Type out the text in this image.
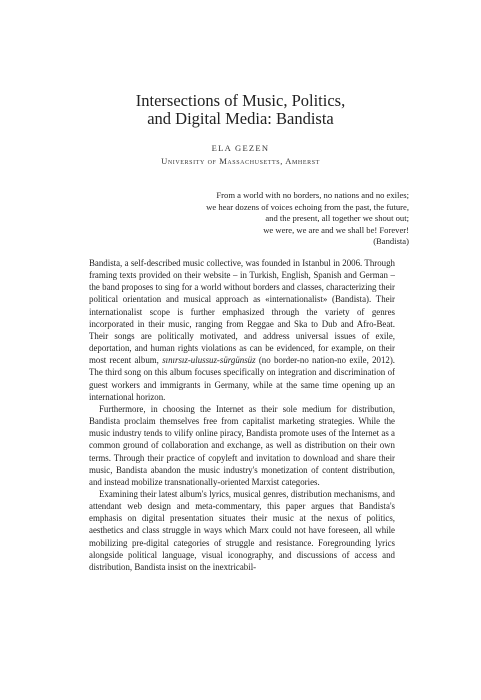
Intersections of Music, Politics,
and Digital Media: Bandista
ELA GEZEN
University of Massachusetts, Amherst
From a world with no borders, no nations and no exiles;
we hear dozens of voices echoing from the past, the future,
and the present, all together we shout out;
we were, we are and we shall be! Forever!
(Bandista)

Bandista, a self-described music collective, was founded in Istanbul in 2006. Through framing texts provided on their website – in Turkish, English, Spanish and German – the band proposes to sing for a world without borders and classes, characterizing their political orientation and musical approach as «internationalist» (Bandista). Their internationalist scope is further emphasized through the variety of genres incorporated in their music, ranging from Reggae and Ska to Dub and Afro-Beat. Their songs are politically motivated, and address universal issues of exile, deportation, and human rights violations as can be evidenced, for example, on their most recent album, sınırsız-ulussuz-sürgünsüz (no border-no nation-no exile, 2012). The third song on this album focuses specifically on integration and discrimination of guest workers and immigrants in Germany, while at the same time opening up an international horizon.

Furthermore, in choosing the Internet as their sole medium for distribution, Bandista proclaim themselves free from capitalist marketing strategies. While the music industry tends to vilify online piracy, Bandista promote uses of the Internet as a common ground of collaboration and exchange, as well as distribution on their own terms. Through their practice of copyleft and invitation to download and share their music, Bandista abandon the music industry's monetization of content distribution, and instead mobilize transnationally-oriented Marxist categories.

Examining their latest album's lyrics, musical genres, distribution mechanisms, and attendant web design and meta-commentary, this paper argues that Bandista's emphasis on digital presentation situates their music at the nexus of politics, aesthetics and class struggle in ways which Marx could not have foreseen, all while mobilizing pre-digital categories of struggle and resistance. Foregrounding lyrics alongside political language, visual iconography, and discussions of access and distribution, Bandista insist on the inextricabil-
